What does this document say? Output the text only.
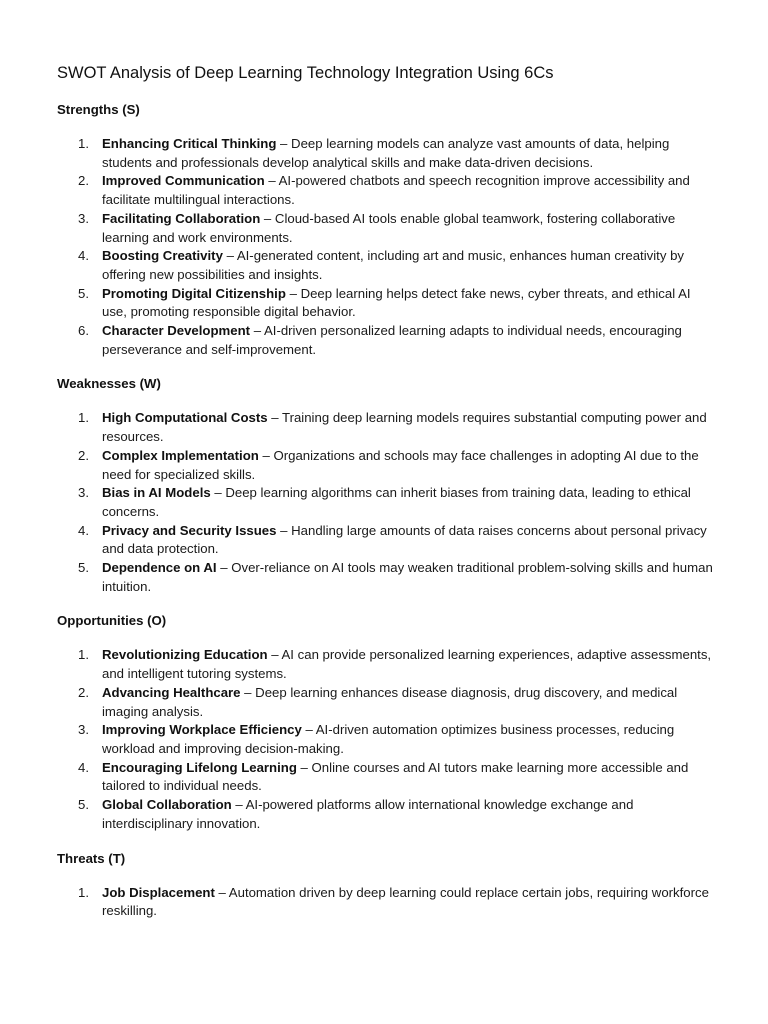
SWOT Analysis of Deep Learning Technology Integration Using 6Cs
Strengths (S)
1. Enhancing Critical Thinking – Deep learning models can analyze vast amounts of data, helping students and professionals develop analytical skills and make data-driven decisions.
2. Improved Communication – AI-powered chatbots and speech recognition improve accessibility and facilitate multilingual interactions.
3. Facilitating Collaboration – Cloud-based AI tools enable global teamwork, fostering collaborative learning and work environments.
4. Boosting Creativity – AI-generated content, including art and music, enhances human creativity by offering new possibilities and insights.
5. Promoting Digital Citizenship – Deep learning helps detect fake news, cyber threats, and ethical AI use, promoting responsible digital behavior.
6. Character Development – AI-driven personalized learning adapts to individual needs, encouraging perseverance and self-improvement.
Weaknesses (W)
1. High Computational Costs – Training deep learning models requires substantial computing power and resources.
2. Complex Implementation – Organizations and schools may face challenges in adopting AI due to the need for specialized skills.
3. Bias in AI Models – Deep learning algorithms can inherit biases from training data, leading to ethical concerns.
4. Privacy and Security Issues – Handling large amounts of data raises concerns about personal privacy and data protection.
5. Dependence on AI – Over-reliance on AI tools may weaken traditional problem-solving skills and human intuition.
Opportunities (O)
1. Revolutionizing Education – AI can provide personalized learning experiences, adaptive assessments, and intelligent tutoring systems.
2. Advancing Healthcare – Deep learning enhances disease diagnosis, drug discovery, and medical imaging analysis.
3. Improving Workplace Efficiency – AI-driven automation optimizes business processes, reducing workload and improving decision-making.
4. Encouraging Lifelong Learning – Online courses and AI tutors make learning more accessible and tailored to individual needs.
5. Global Collaboration – AI-powered platforms allow international knowledge exchange and interdisciplinary innovation.
Threats (T)
1. Job Displacement – Automation driven by deep learning could replace certain jobs, requiring workforce reskilling.
